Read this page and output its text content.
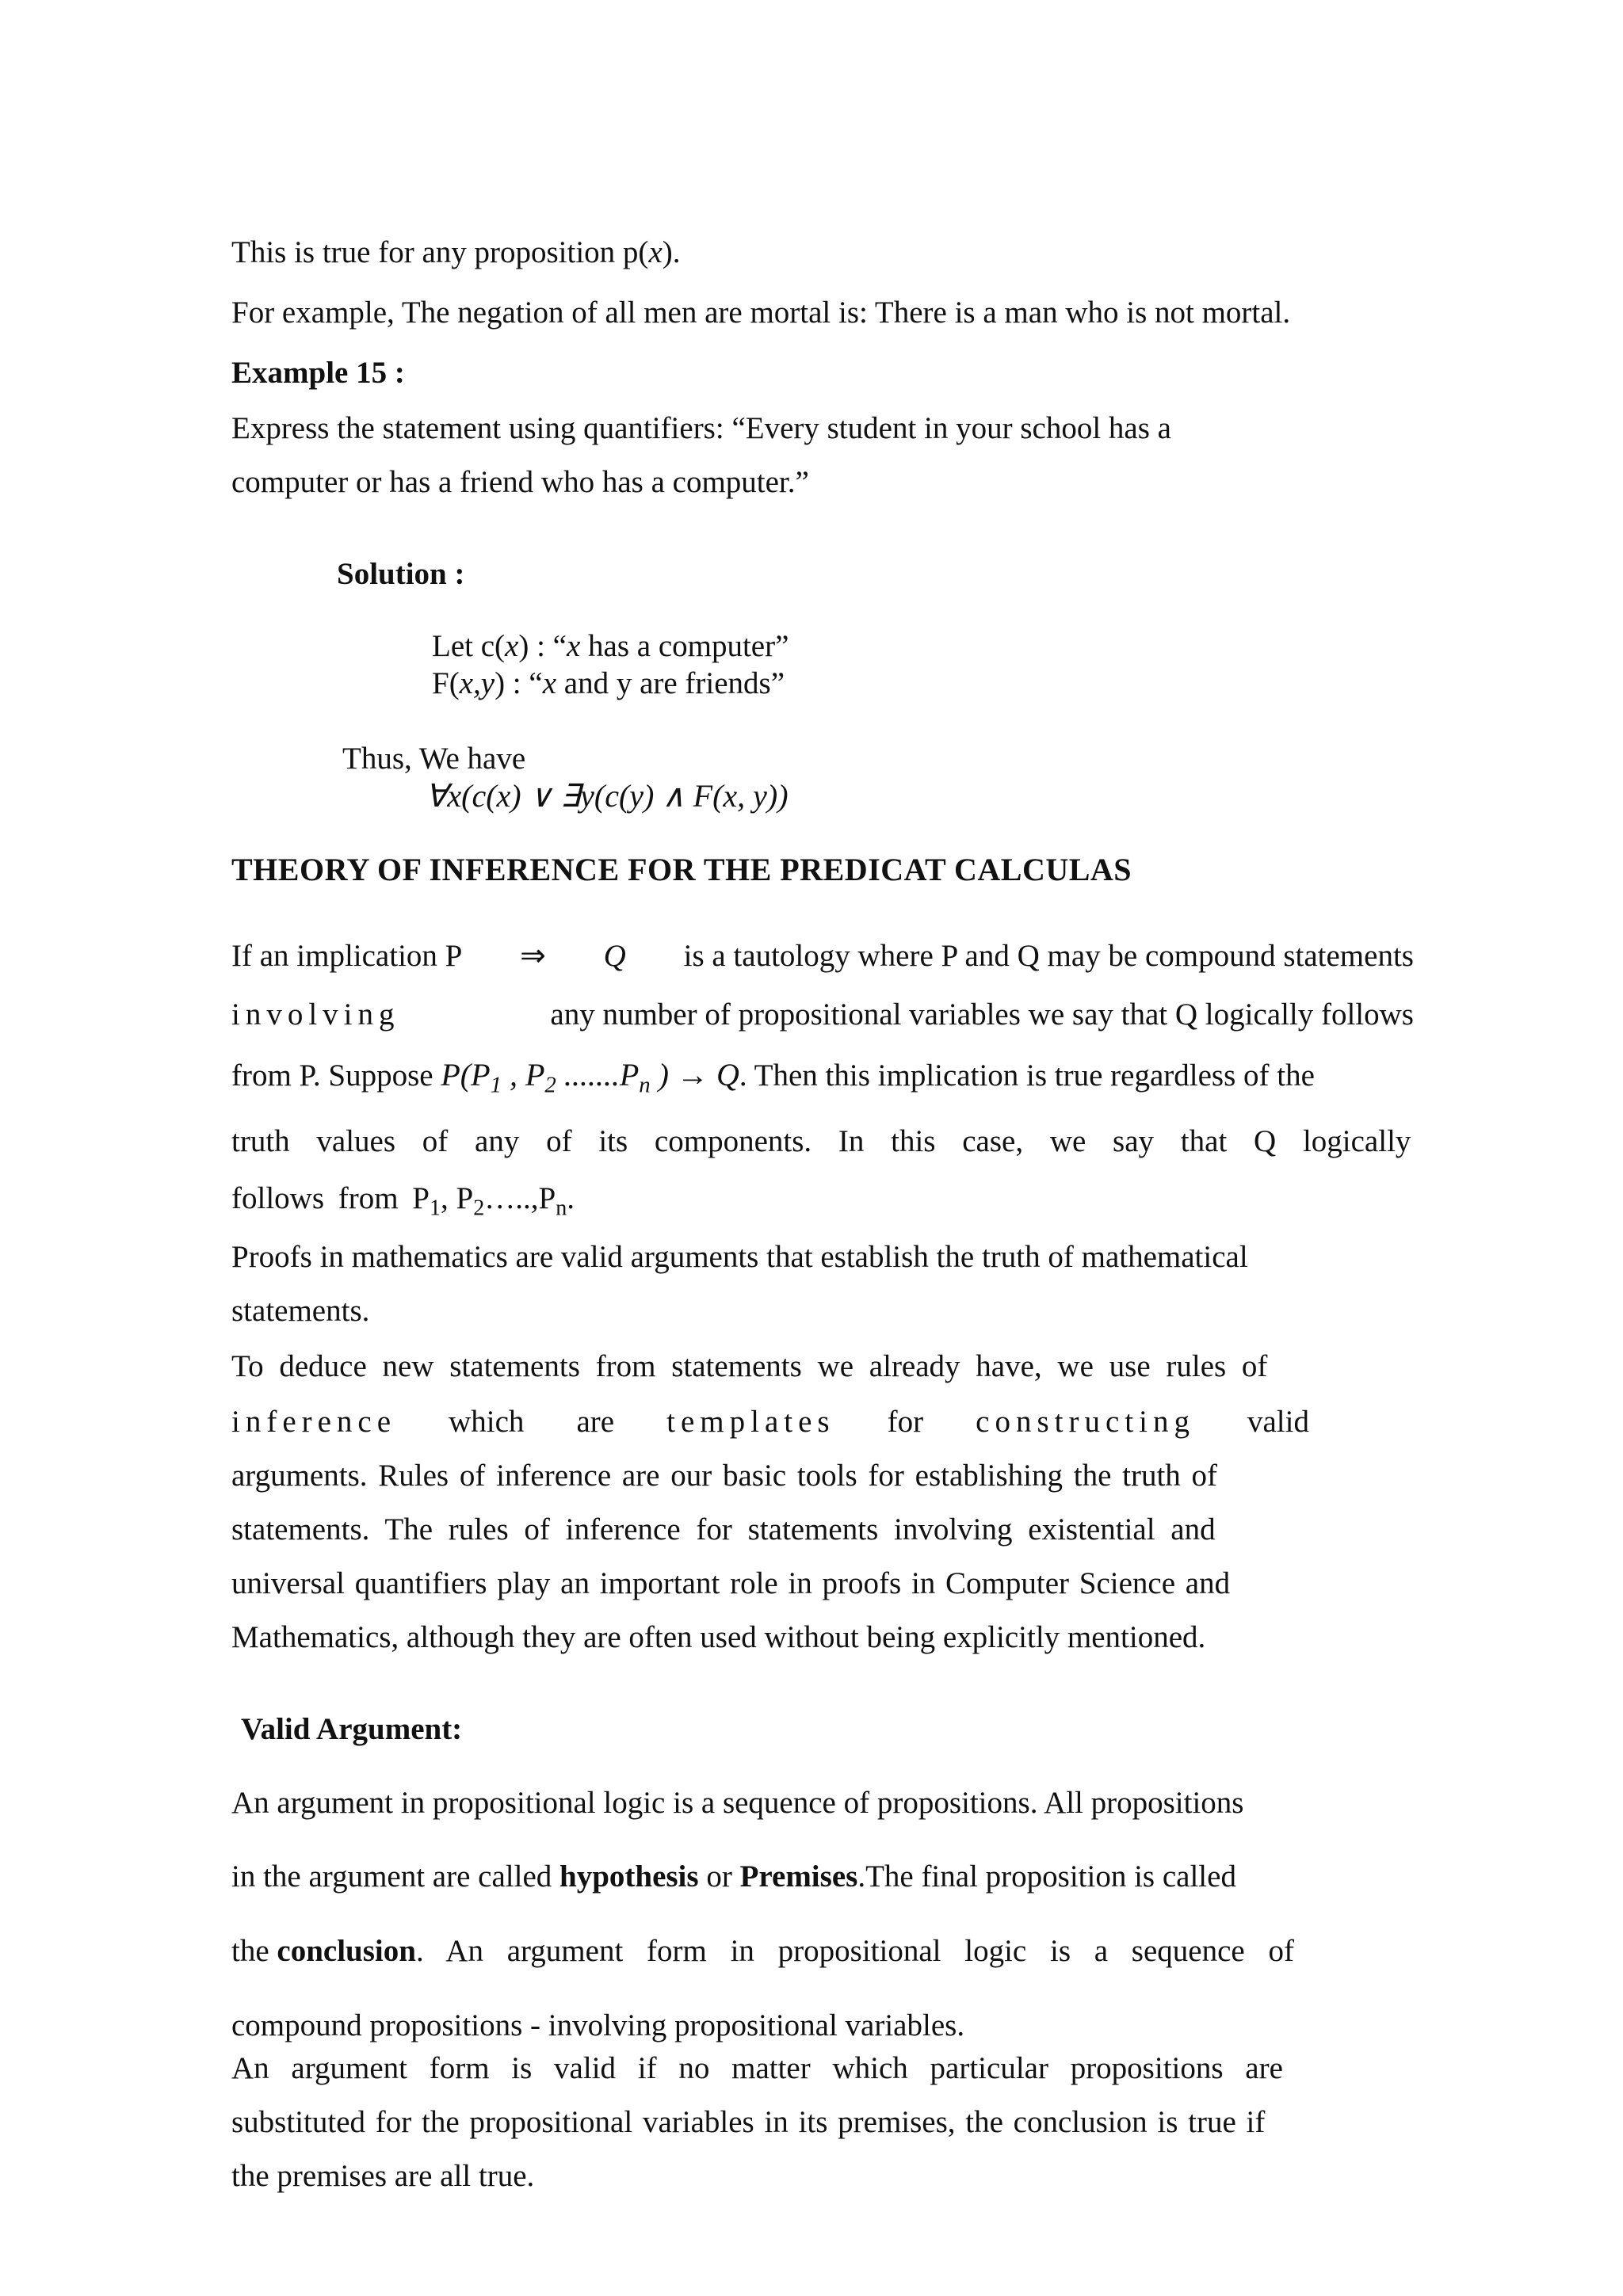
This is true for any proposition p(x).
For example, The negation of all men are mortal is: There is a man who is not mortal.
Example 15 :
Express the statement using quantifiers: “Every student in your school has a
computer or has a friend who has a computer.”
Solution :
Let c(x) : “x has a computer”
F(x,y) : “x and y are friends”
Thus, We have
∀x(c(x) ∨ ∃y(c(y) ∧ F(x, y))
THEORY OF INFERENCE FOR THE PREDICAT CALCULAS
If an implication P ⇒ Q is a tautology where P and Q may be compound statements
involving	any number of propositional variables we say that Q logically follows
from P. Suppose $P(P_1$ , $P_2$ $.......P_n$ ) → Q. Then this implication is true regardless of the
truth values of any of its components. In this case, we say that Q logically
follows from $P_1$, $P_2\dots..,P_n$.
Proofs in mathematics are valid arguments that establish the truth of mathematical
statements.
To deduce new statements from statements we already have, we use rules of
inference which are templates for constructing valid
arguments. Rules of inference are our basic tools for establishing the truth of
statements. The rules of inference for statements involving existential and
universal quantifiers play an important role in proofs in Computer Science and
Mathematics, although they are often used without being explicitly mentioned.
Valid Argument:
An argument in propositional logic is a sequence of propositions. All propositions
in the argument are called hypothesis or Premises.The final proposition is called
the conclusion. An argument form in propositional logic is a sequence of
compound propositions - involving propositional variables.
An argument form is valid if no matter which particular propositions are
substituted for the propositional variables in its premises, the conclusion is true if
the premises are all true.
